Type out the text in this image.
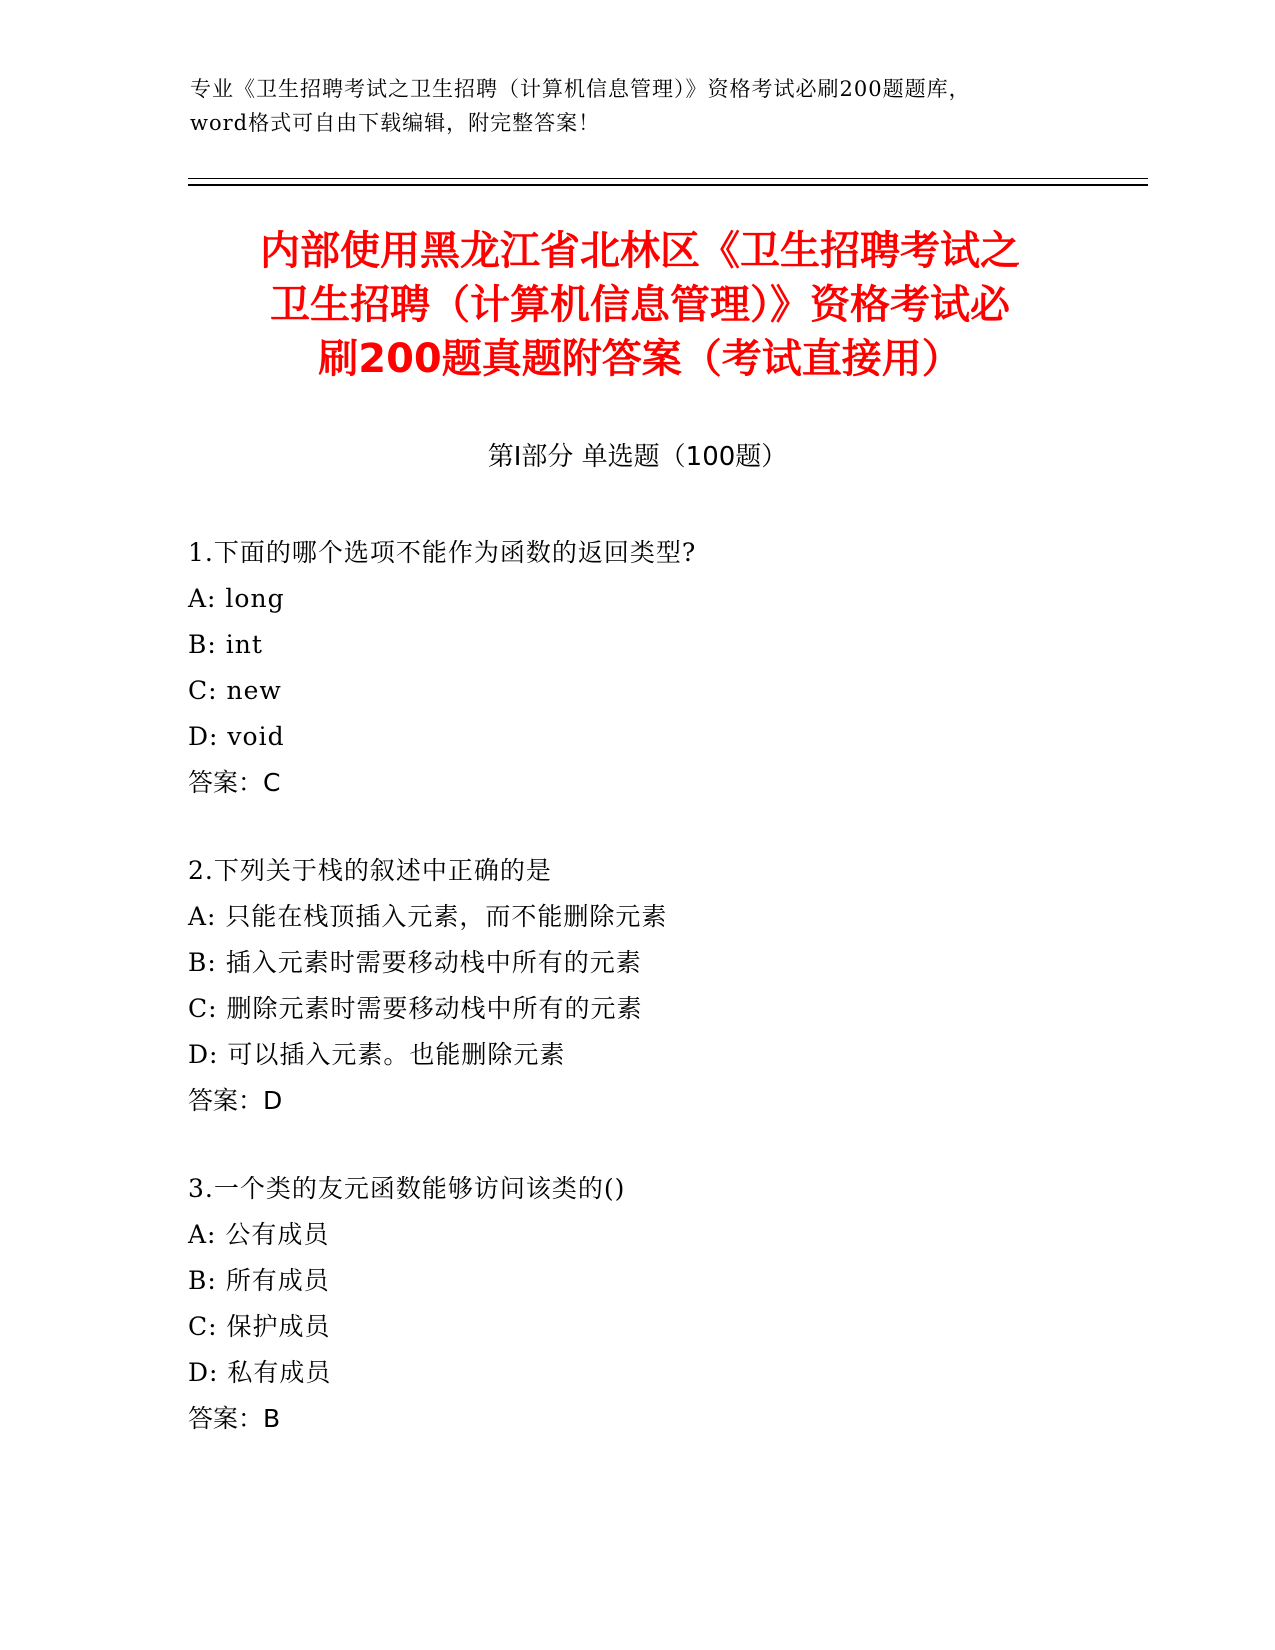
专业《卫生招聘考试之卫生招聘（计算机信息管理）》资格考试必刷200题题库，
word格式可自由下载编辑，附完整答案！
内部使用黑龙江省北林区《卫生招聘考试之
卫生招聘（计算机信息管理）》资格考试必
刷200题真题附答案（考试直接用）
第Ⅰ部分 单选题（100题）
1.下面的哪个选项不能作为函数的返回类型?
A: long
B: int
C: new
D: void
答案：C
2.下列关于栈的叙述中正确的是
A: 只能在栈顶插入元素，而不能删除元素
B: 插入元素时需要移动栈中所有的元素
C: 删除元素时需要移动栈中所有的元素
D: 可以插入元素。也能删除元素
答案：D
3.一个类的友元函数能够访问该类的()
A: 公有成员
B: 所有成员
C: 保护成员
D: 私有成员
答案：B
